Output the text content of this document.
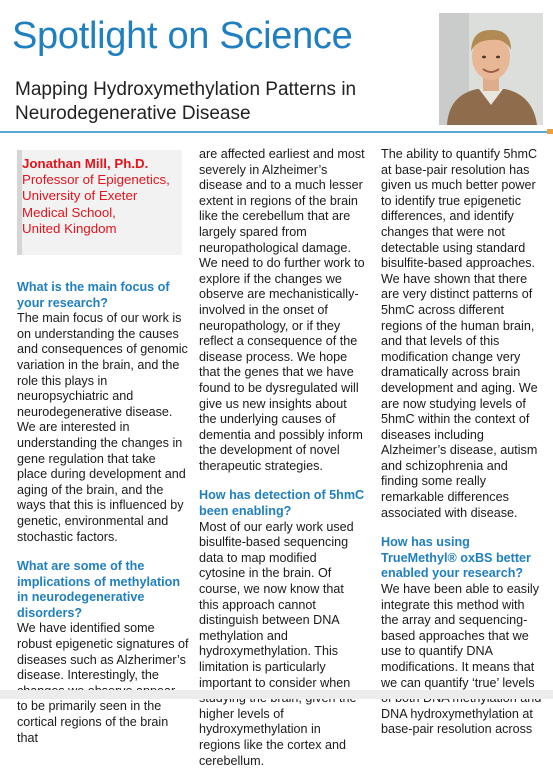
Spotlight on Science
Mapping Hydroxymethylation Patterns in Neurodegenerative Disease
Jonathan Mill, Ph.D.
Professor of Epigenetics,
University of Exeter
Medical School,
United Kingdom

What is the main focus of your research?

The main focus of our work is on understanding the causes and consequences of genomic variation in the brain, and the role this plays in neuropsychiatric and neurodegenerative disease. We are interested in understanding the changes in gene regulation that take place during development and aging of the brain, and the ways that this is influenced by genetic, environmental and stochastic factors.

What are some of the implications of methylation in neurodegenerative disorders?

We have identified some robust epigenetic signatures of diseases such as Alzherimer’s disease. Interestingly, the to be primarily seen in the cortical regions of the brain that

are affected earliest and most severely in Alzheimer’s disease and to a much lesser extent in regions of the brain like the cerebellum that are largely spared from neuropathological damage. We need to do further work to explore if the changes we observe are mechanistically-involved in the onset of neuropathology, or if they reflect a consequence of the disease process. We hope that the genes that we have found to be dysregulated will give us new insights about the underlying causes of dementia and possibly inform the development of novel therapeutic strategies.

How has detection of 5hmC been enabling?

Most of our early work used bisulfite-based sequencing data to map modified cytosine in the brain. Of course, we now know that this approach cannot distinguish between DNA methylation and hydroxymethylation. This limitation is particularly important to consider when higher levels of hydroxymethylation in regions like the cortex and cerebellum.

The ability to quantify 5hmC at base-pair resolution has given us much better power to identify true epigenetic differences, and identify changes that were not detectable using standard bisulfite-based approaches. We have shown that there are very distinct patterns of 5hmC across different regions of the human brain, and that levels of this modification change very dramatically across brain development and aging. We are now studying levels of 5hmC within the context of diseases including Alzheimer’s disease, autism and schizophrenia and finding some really remarkable differences associated with disease.

How has using TrueMethyl® oxBS better enabled your research?

We have been able to easily integrate this method with the array and sequencing-based approaches that we use to quantify DNA modifications. It means that we can quantify ‘true’ levels DNA hydroxymethylation at base-pair resolution across
